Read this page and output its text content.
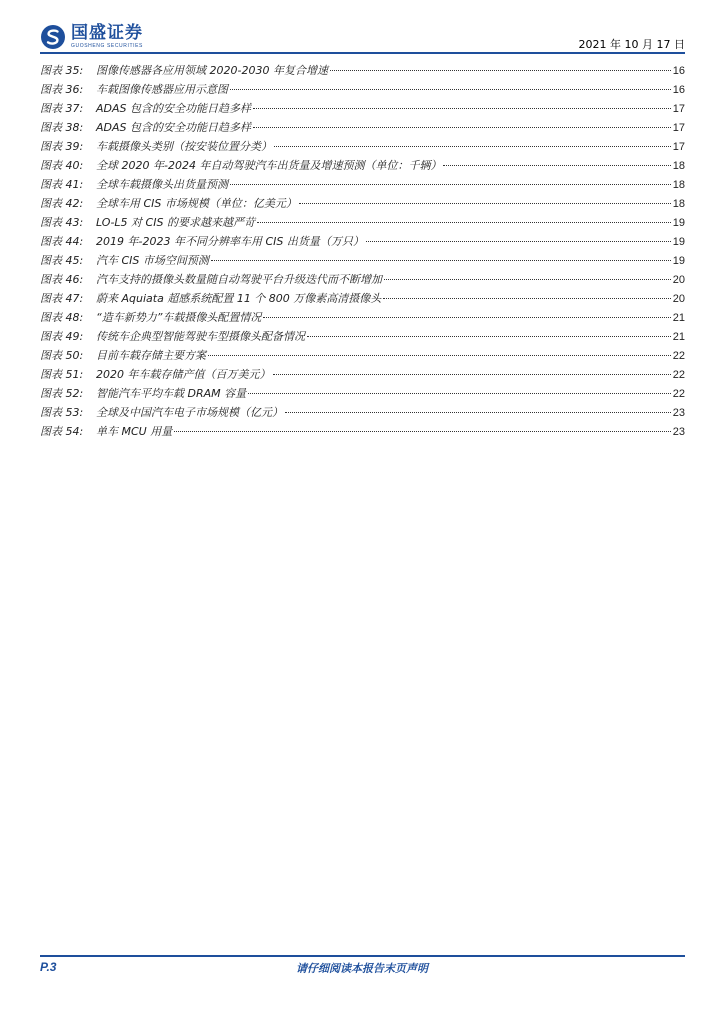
国盛证券
GUOSHENG SECURITIES	2021 年 10 月 17 日
图表 35:	图像传感器各应用领域 2020-2030 年复合增速	16
图表 36:	车载图像传感器应用示意图	16
图表 37:	ADAS 包含的安全功能日趋多样	17
图表 38:	ADAS 包含的安全功能日趋多样	17
图表 39:	车载摄像头类别（按安装位置分类）	17
图表 40:	全球 2020 年-2024 年自动驾驶汽车出货量及增速预测（单位：千辆）	18
图表 41:	全球车载摄像头出货量预测	18
图表 42:	全球车用 CIS 市场规模（单位：亿美元）	18
图表 43:	LO-L5 对 CIS 的要求越来越严苛	19
图表 44:	2019 年-2023 年不同分辨率车用 CIS 出货量（万只）	19
图表 45:	汽车 CIS 市场空间预测	19
图表 46:	汽车支持的摄像头数量随自动驾驶平台升级迭代而不断增加	20
图表 47:	蔚来 Aquiata 超感系统配置 11 个 800 万像素高清摄像头	20
图表 48:	“造车新势力”车载摄像头配置情况	21
图表 49:	传统车企典型智能驾驶车型摄像头配备情况	21
图表 50:	目前车载存储主要方案	22
图表 51:	2020 年车载存储产值（百万美元）	22
图表 52:	智能汽车平均车载 DRAM 容量	22
图表 53:	全球及中国汽车电子市场规模（亿元）	23
图表 54:	单车 MCU 用量	23
P.3	请仔细阅读本报告末页声明
